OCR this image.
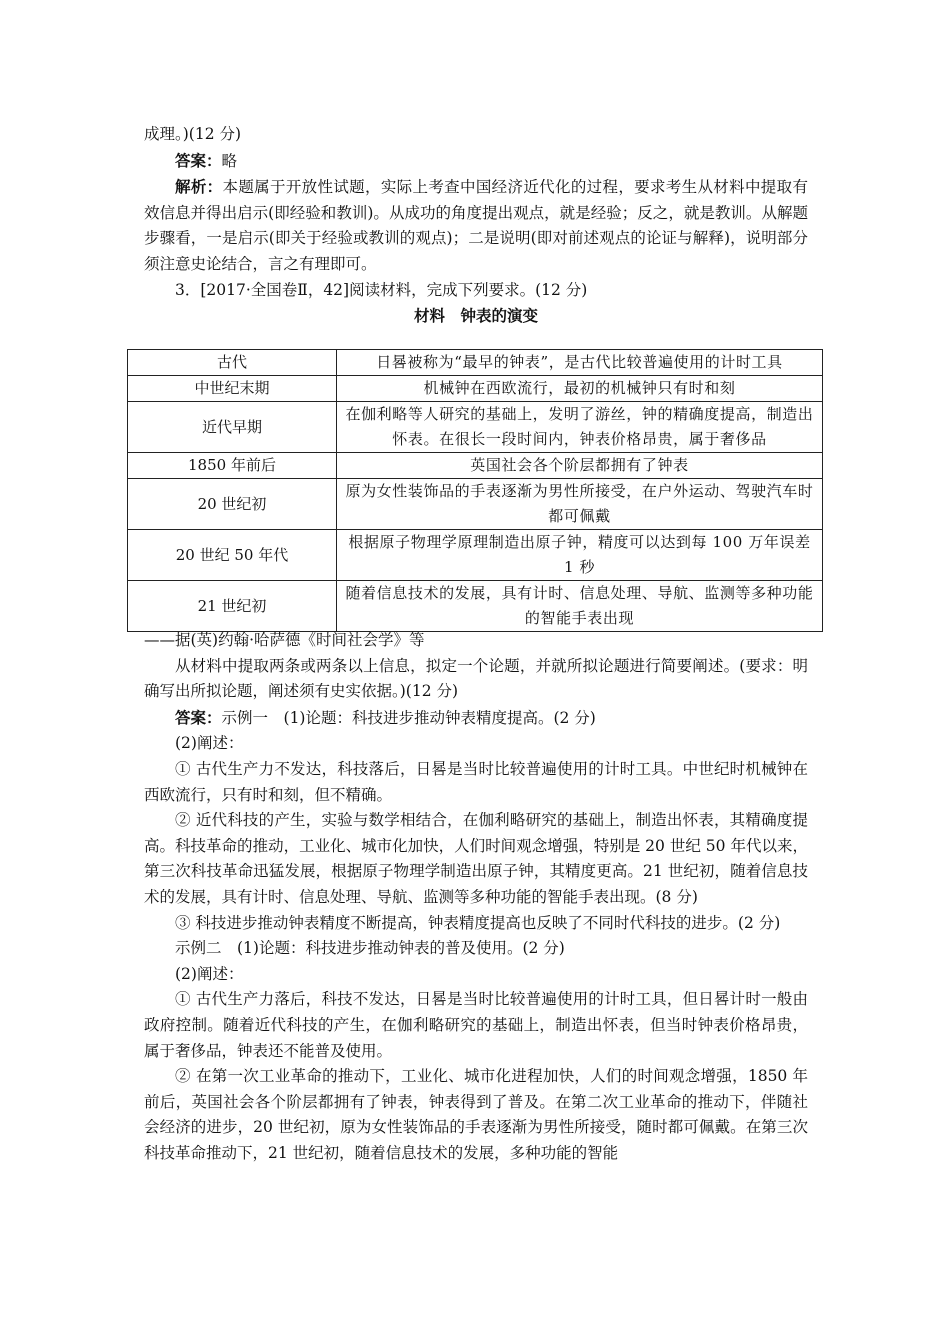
成理。)(12 分)

答案：略

解析：本题属于开放性试题，实际上考查中国经济近代化的过程，要求考生从材料中提取有效信息并得出启示(即经验和教训)。从成功的角度提出观点，就是经验；反之，就是教训。从解题步骤看，一是启示(即关于经验或教训的观点)；二是说明(即对前述观点的论证与解释)，说明部分须注意史论结合，言之有理即可。

3．[2017·全国卷Ⅱ，42]阅读材料，完成下列要求。(12 分)

材料　钟表的演变

古代	日晷被称为“最早的钟表”，是古代比较普遍使用的计时工具
中世纪末期	机械钟在西欧流行，最初的机械钟只有时和刻
近代早期	在伽利略等人研究的基础上，发明了游丝，钟的精确度提高，制造出怀表。在很长一段时间内，钟表价格昂贵，属于奢侈品
1850 年前后	英国社会各个阶层都拥有了钟表
20 世纪初	原为女性装饰品的手表逐渐为男性所接受，在户外运动、驾驶汽车时都可佩戴
20 世纪 50 年代	根据原子物理学原理制造出原子钟，精度可以达到每 100 万年误差 1 秒
21 世纪初	随着信息技术的发展，具有计时、信息处理、导航、监测等多种功能的智能手表出现

——据(英)约翰·哈萨德《时间社会学》等

从材料中提取两条或两条以上信息，拟定一个论题，并就所拟论题进行简要阐述。(要求：明确写出所拟论题，阐述须有史实依据。)(12 分)

答案：示例一　(1)论题：科技进步推动钟表精度提高。(2 分)

(2)阐述：

① 古代生产力不发达，科技落后，日晷是当时比较普遍使用的计时工具。中世纪时机械钟在西欧流行，只有时和刻，但不精确。

② 近代科技的产生，实验与数学相结合，在伽利略研究的基础上，制造出怀表，其精确度提高。科技革命的推动，工业化、城市化加快，人们时间观念增强，特别是 20 世纪 50 年代以来，第三次科技革命迅猛发展，根据原子物理学制造出原子钟，其精度更高。21 世纪初，随着信息技术的发展，具有计时、信息处理、导航、监测等多种功能的智能手表出现。(8 分)

③ 科技进步推动钟表精度不断提高，钟表精度提高也反映了不同时代科技的进步。(2 分)

示例二　(1)论题：科技进步推动钟表的普及使用。(2 分)

(2)阐述：

① 古代生产力落后，科技不发达，日晷是当时比较普遍使用的计时工具，但日晷计时一般由政府控制。随着近代科技的产生，在伽利略研究的基础上，制造出怀表，但当时钟表价格昂贵，属于奢侈品，钟表还不能普及使用。

② 在第一次工业革命的推动下，工业化、城市化进程加快，人们的时间观念增强，1850 年前后，英国社会各个阶层都拥有了钟表，钟表得到了普及。在第二次工业革命的推动下，伴随社会经济的进步，20 世纪初，原为女性装饰品的手表逐渐为男性所接受，随时都可佩戴。在第三次科技革命推动下，21 世纪初，随着信息技术的发展，多种功能的智能
